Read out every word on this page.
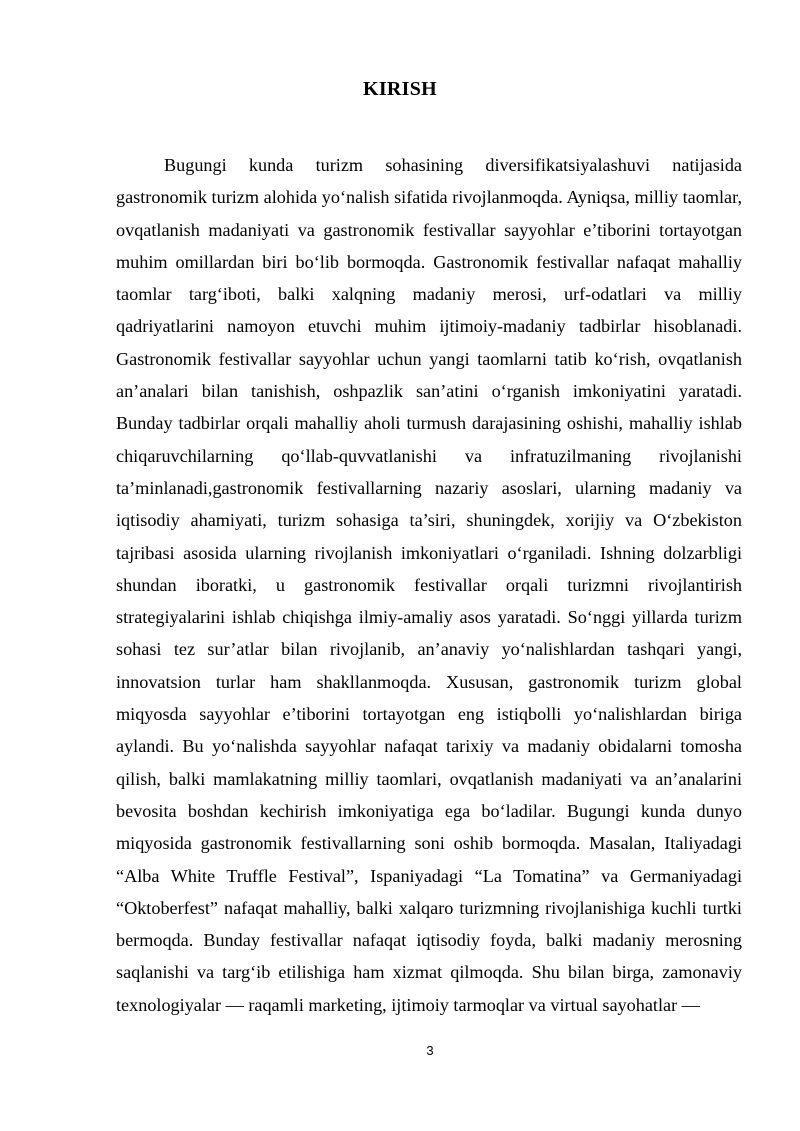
KIRISH

Bugungi kunda turizm sohasining diversifikatsiyalashuvi natijasida gastronomik turizm alohida yo‘nalish sifatida rivojlanmoqda. Ayniqsa, milliy taomlar, ovqatlanish madaniyati va gastronomik festivallar sayyohlar e’tiborini tortayotgan muhim omillardan biri bo‘lib bormoqda. Gastronomik festivallar nafaqat mahalliy taomlar targ‘iboti, balki xalqning madaniy merosi, urf-odatlari va milliy qadriyatlarini namoyon etuvchi muhim ijtimoiy-madaniy tadbirlar hisoblanadi. Gastronomik festivallar sayyohlar uchun yangi taomlarni tatib ko‘rish, ovqatlanish an’analari bilan tanishish, oshpazlik san’atini o‘rganish imkoniyatini yaratadi. Bunday tadbirlar orqali mahalliy aholi turmush darajasining oshishi, mahalliy ishlab chiqaruvchilarning qo‘llab-quvvatlanishi va infratuzilmaning rivojlanishi ta’minlanadi,gastronomik festivallarning nazariy asoslari, ularning madaniy va iqtisodiy ahamiyati, turizm sohasiga ta’siri, shuningdek, xorijiy va O‘zbekiston tajribasi asosida ularning rivojlanish imkoniyatlari o‘rganiladi. Ishning dolzarbligi shundan iboratki, u gastronomik festivallar orqali turizmni rivojlantirish strategiyalarini ishlab chiqishga ilmiy-amaliy asos yaratadi. So‘nggi yillarda turizm sohasi tez sur’atlar bilan rivojlanib, an’anaviy yo‘nalishlardan tashqari yangi, innovatsion turlar ham shakllanmoqda. Xususan, gastronomik turizm global miqyosda sayyohlar e’tiborini tortayotgan eng istiqbolli yo‘nalishlardan biriga aylandi. Bu yo‘nalishda sayyohlar nafaqat tarixiy va madaniy obidalarni tomosha qilish, balki mamlakatning milliy taomlari, ovqatlanish madaniyati va an’analarini bevosita boshdan kechirish imkoniyatiga ega bo‘ladilar. Bugungi kunda dunyo miqyosida gastronomik festivallarning soni oshib bormoqda. Masalan, Italiyadagi “Alba White Truffle Festival”, Ispaniyadagi “La Tomatina” va Germaniyadagi “Oktoberfest” nafaqat mahalliy, balki xalqaro turizmning rivojlanishiga kuchli turtki bermoqda. Bunday festivallar nafaqat iqtisodiy foyda, balki madaniy merosning saqlanishi va targ‘ib etilishiga ham xizmat qilmoqda. Shu bilan birga, zamonaviy texnologiyalar — raqamli marketing, ijtimoiy tarmoqlar va virtual sayohatlar —

3
